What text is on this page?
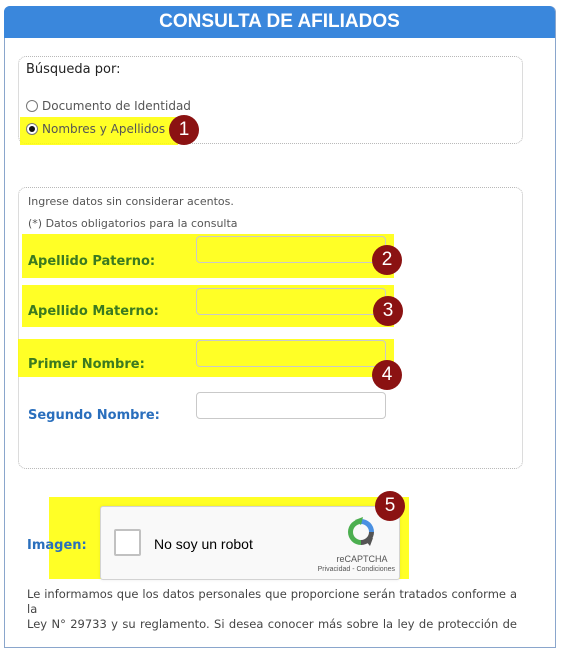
CONSULTA DE AFILIADOS
Búsqueda por:
Documento de Identidad
Nombres y Apellidos 1
Ingrese datos sin considerar acentos.
(*) Datos obligatorios para la consulta
Apellido Paterno:	2
Apellido Materno:	3
Primer Nombre:	4
Segundo Nombre:
Imagen:	No soy un robot
reCAPTCHA
Privacidad - Condiciones
5
Le informamos que los datos personales que proporcione serán tratados conforme a la
Ley N° 29733 y su reglamento. Si desea conocer más sobre la ley de protección de
